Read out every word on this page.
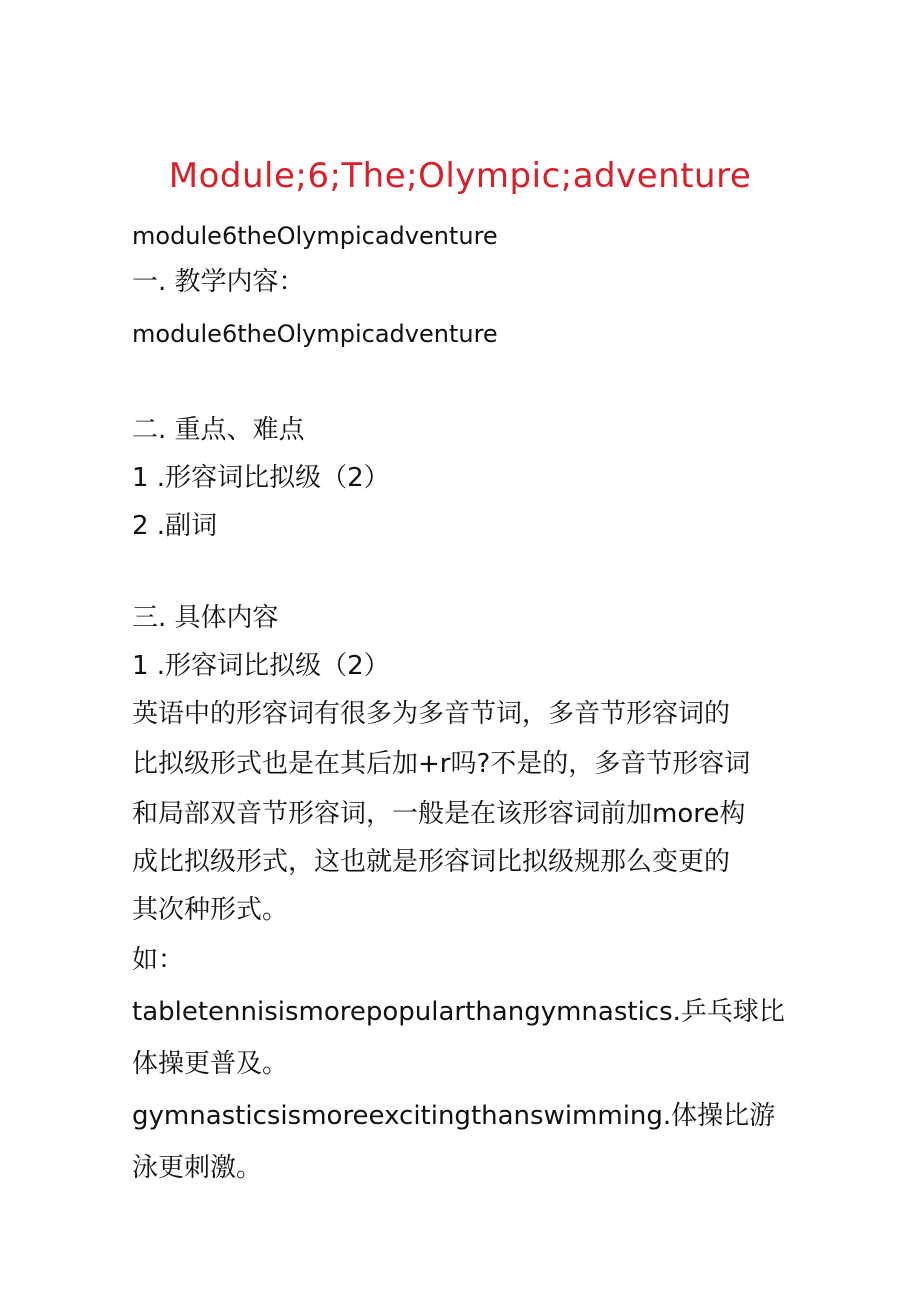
Module;6;The;Olympic;adventure
module6theOlympicadventure
一. 教学内容：
module6theOlympicadventure
二. 重点、难点
1 .形容词比拟级（2）
2 .副词
三. 具体内容
1 .形容词比拟级（2）
英语中的形容词有很多为多音节词，多音节形容词的
比拟级形式也是在其后加+r吗?不是的，多音节形容词
和局部双音节形容词，一般是在该形容词前加more构
成比拟级形式，这也就是形容词比拟级规那么变更的
其次种形式。
如：
tabletennisismorepopularthangymnastics.乒乓球比体操更普及。
gymnasticsismoreexcitingthanswimming.体操比游泳更刺激。
